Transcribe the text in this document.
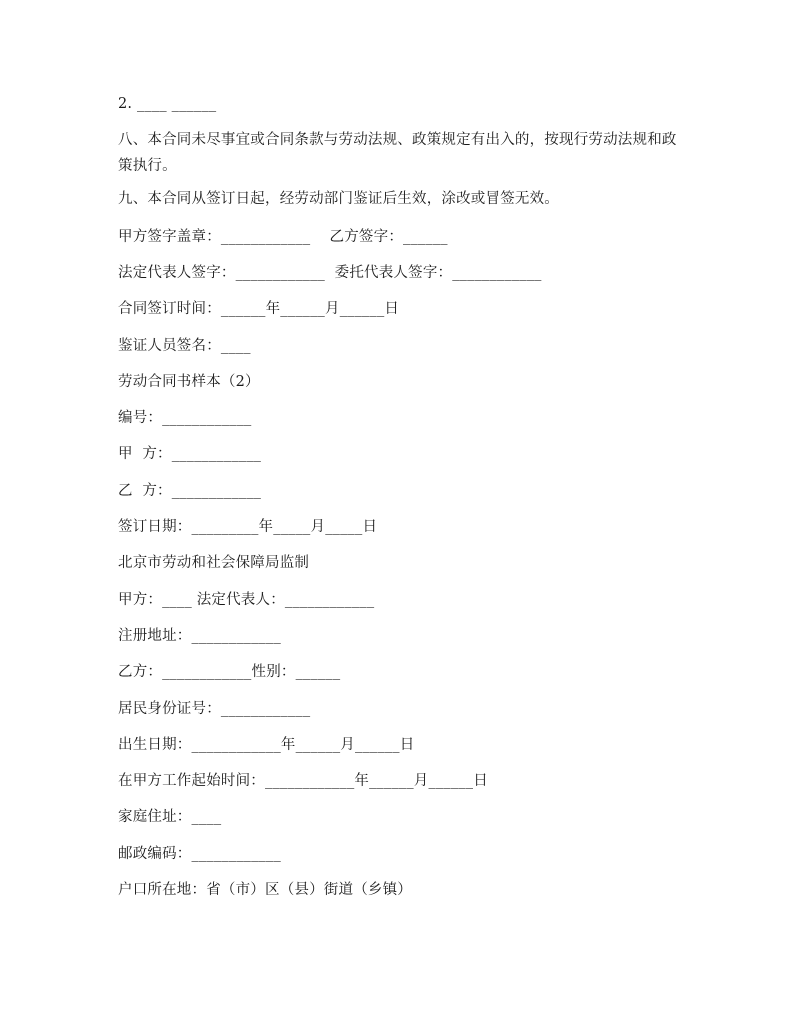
2. ____ ______
八、本合同未尽事宜或合同条款与劳动法规、政策规定有出入的，按现行劳动法规和政策执行。
九、本合同从签订日起，经劳动部门鉴证后生效，涂改或冒签无效。
甲方签字盖章：____________    乙方签字：______
法定代表人签字：____________  委托代表人签字：____________
合同签订时间：______年______月______日
鉴证人员签名：____
劳动合同书样本（2）
编号：____________
甲  方：____________
乙  方：____________
签订日期：_________年_____月_____日
北京市劳动和社会保障局监制
甲方：____ 法定代表人：____________
注册地址：____________
乙方：____________性别：______
居民身份证号：____________
出生日期：____________年______月______日
在甲方工作起始时间：____________年______月______日
家庭住址：____
邮政编码：____________
户口所在地：省（市）区（县）街道（乡镇）
